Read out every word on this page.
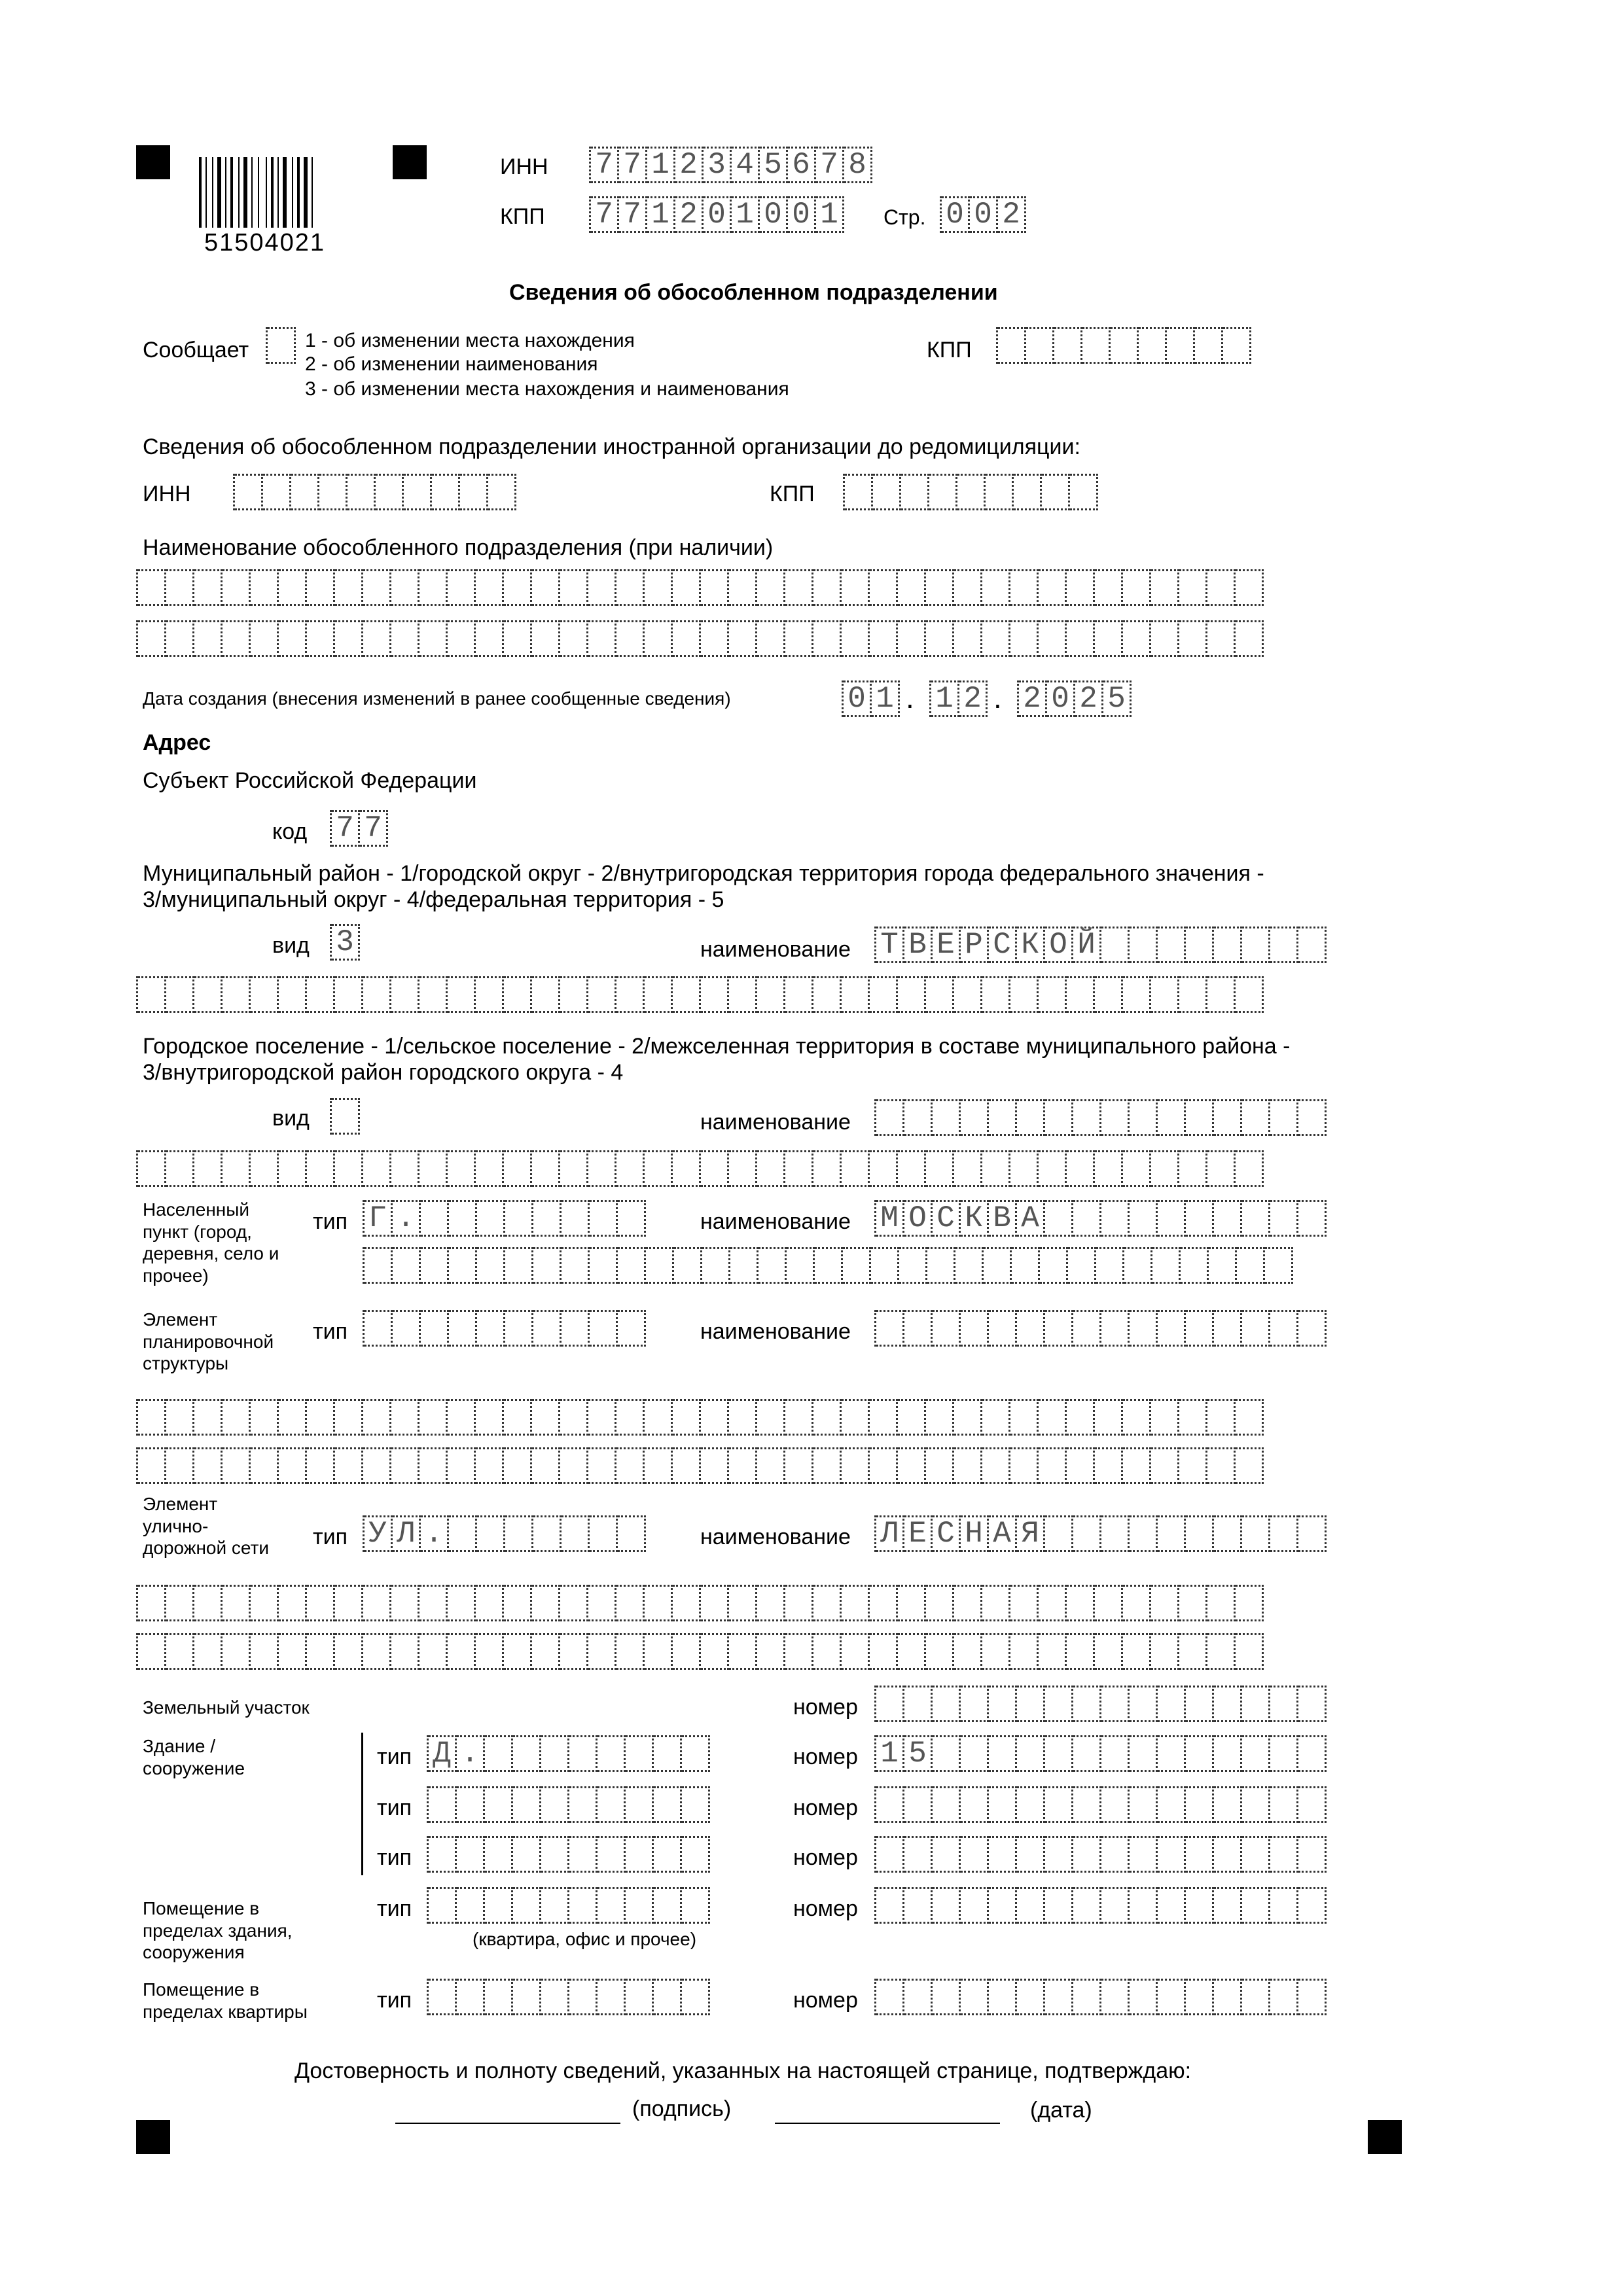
51504021
ИНН 7 7 1 2 3 4 5 6 7 8
КПП 7 7 1 2 0 1 0 0 1 Стр. 0 0 2
Сведения об обособленном подразделении
Сообщает	1 - об изменении места нахождения
2 - об изменении наименования
3 - об изменении места нахождения и наименования
КПП
Сведения об обособленном подразделении иностранной организации до редомициляции:
ИНН	КПП
Наименование обособленного подразделения (при наличии)
Дата создания (внесения изменений в ранее сообщенные сведения)	0 1 . 1 2 . 2 0 2 5
Адрес
Субъект Российской Федерации
код 7 7
Муниципальный район - 1/городской округ - 2/внутригородская территория города федерального значения -
3/муниципальный округ - 4/федеральная территория - 5
вид 3	наименование Т В Е Р С К О Й
Городское поселение - 1/сельское поселение - 2/межселенная территория в составе муниципального района -
3/внутригородской район городского округа - 4
вид	наименование
Населенный пункт (город, деревня, село и прочее)
тип Г .	наименование М О С К В А
Элемент планировочной структуры
тип	наименование
Элемент улично-дорожной сети	тип У Л .	наименование Л Е С Н А Я
Земельный участок	номер
Здание / сооружение	тип Д .	номер 1 5
тип	номер
тип	номер
Помещение в пределах здания, сооружения
тип
(квартира, офис и прочее)
номер
Помещение в пределах квартиры	тип	номер
Достоверность и полноту сведений, указанных на настоящей странице, подтверждаю:
(подпись)	(дата)
